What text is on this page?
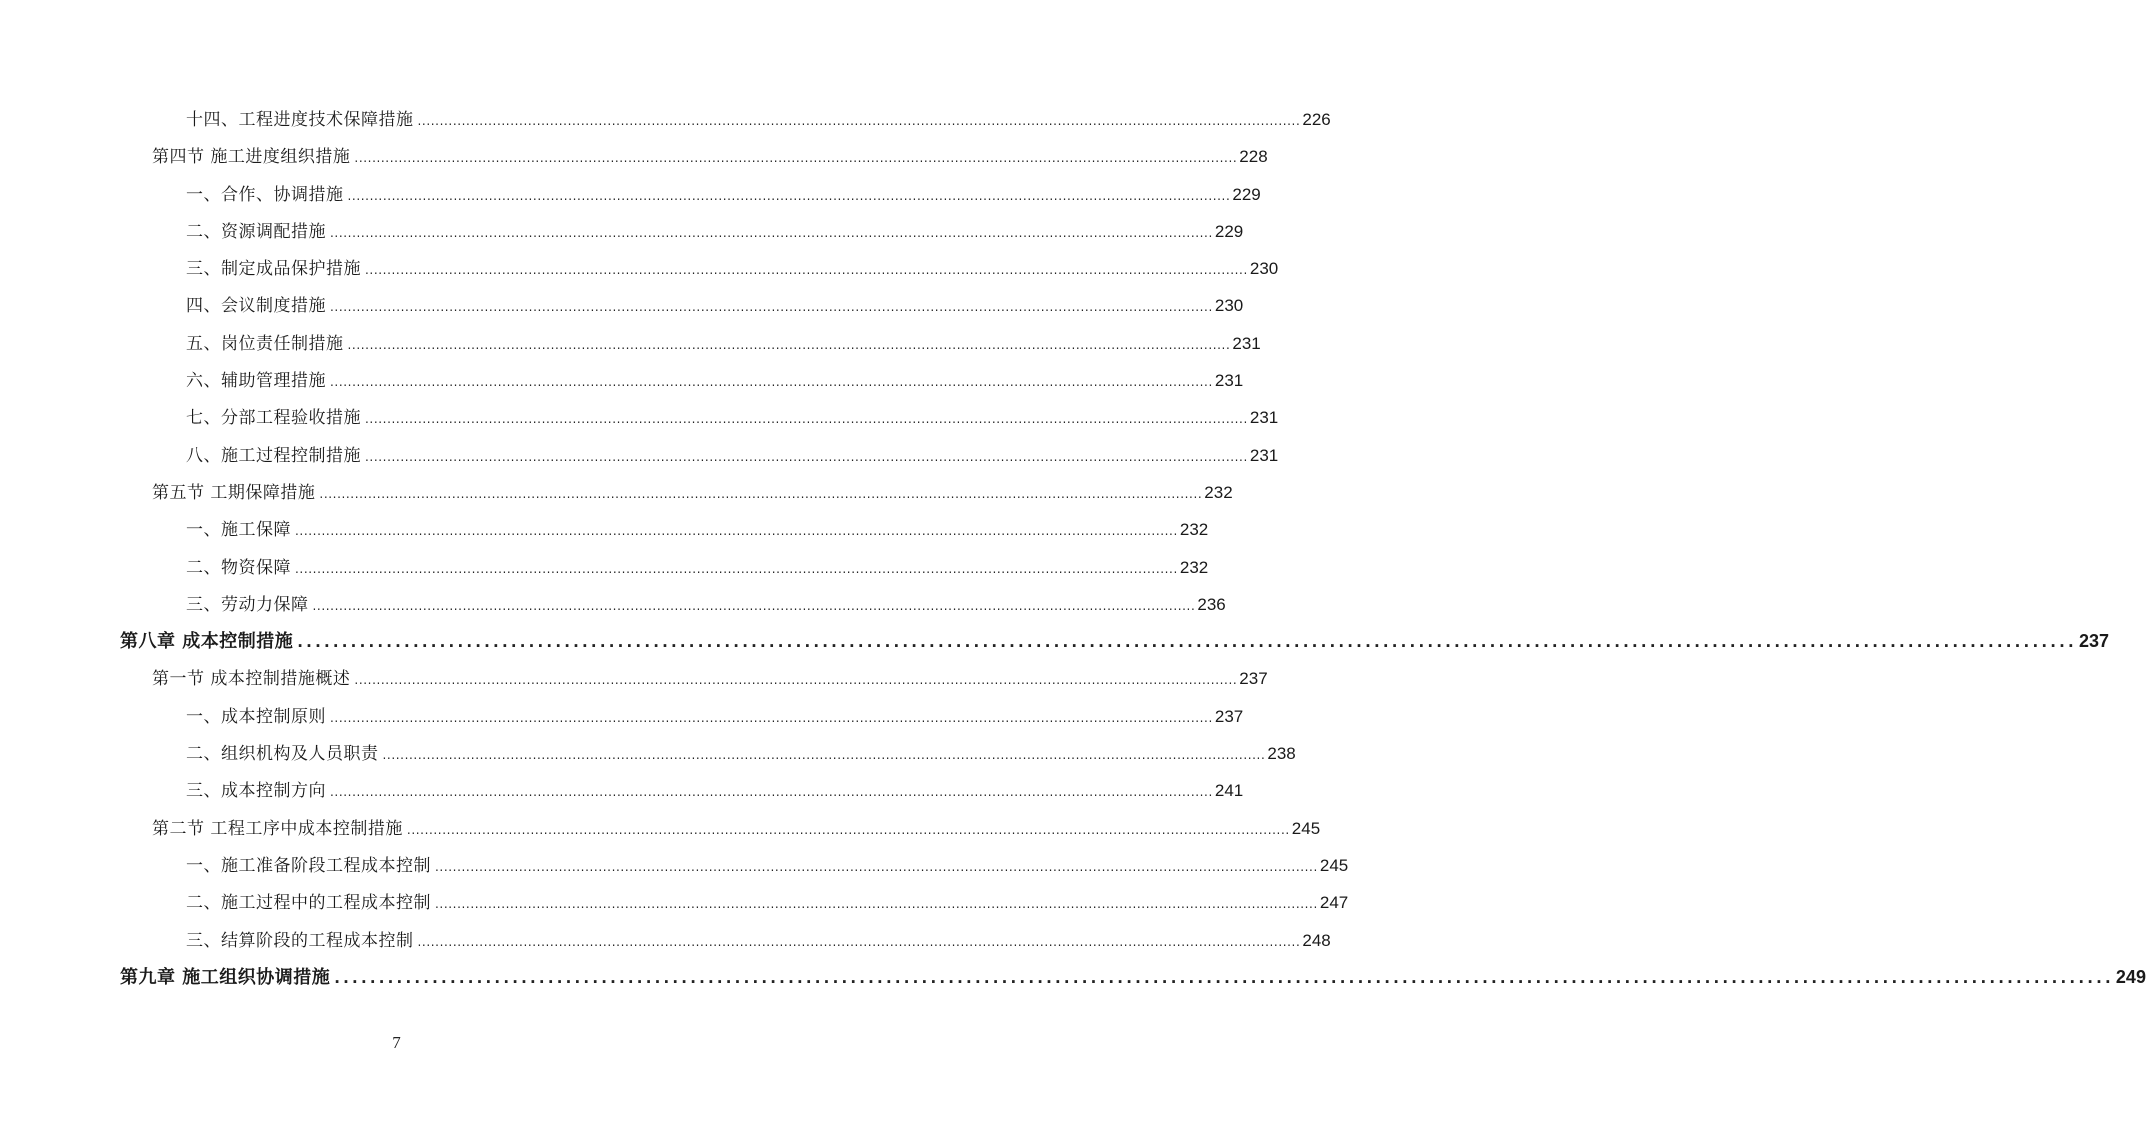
十四、工程进度技术保障措施 ........................................................................................................................................................................................................ 226
第四节 施工进度组织措施 ........................................................................................................................................................................................................ 228
一、合作、协调措施 ........................................................................................................................................................................................................ 229
二、资源调配措施 ........................................................................................................................................................................................................ 229
三、制定成品保护措施 ........................................................................................................................................................................................................ 230
四、会议制度措施 ........................................................................................................................................................................................................ 230
五、岗位责任制措施 ........................................................................................................................................................................................................ 231
六、辅助管理措施 ........................................................................................................................................................................................................ 231
七、分部工程验收措施 ........................................................................................................................................................................................................ 231
八、施工过程控制措施 ........................................................................................................................................................................................................ 231
第五节 工期保障措施 ........................................................................................................................................................................................................ 232
一、施工保障 ........................................................................................................................................................................................................ 232
二、物资保障 ........................................................................................................................................................................................................ 232
三、劳动力保障 ........................................................................................................................................................................................................ 236
第八章 成本控制措施 ........................................................................................................................................................................................................ 237
第一节 成本控制措施概述 ........................................................................................................................................................................................................ 237
一、成本控制原则 ........................................................................................................................................................................................................ 237
二、组织机构及人员职责 ........................................................................................................................................................................................................ 238
三、成本控制方向 ........................................................................................................................................................................................................ 241
第二节 工程工序中成本控制措施 ........................................................................................................................................................................................................ 245
一、施工准备阶段工程成本控制 ........................................................................................................................................................................................................ 245
二、施工过程中的工程成本控制 ........................................................................................................................................................................................................ 247
三、结算阶段的工程成本控制 ........................................................................................................................................................................................................ 248
第九章 施工组织协调措施 ........................................................................................................................................................................................................ 249
7
